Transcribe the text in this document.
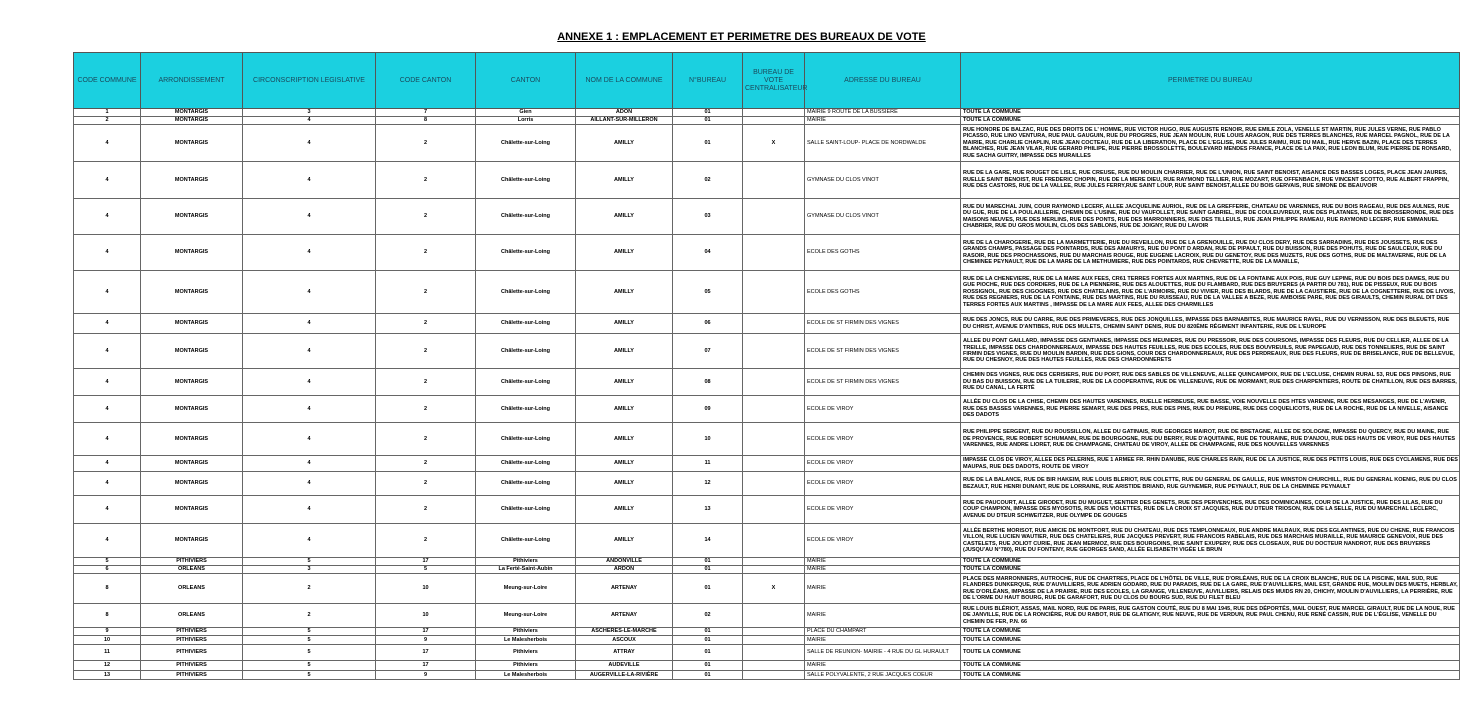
ANNEXE 1 : EMPLACEMENT ET PERIMETRE DES BUREAUX DE VOTE
CODE COMMUNE	ARRONDISSEMENT	CIRCONSCRIPTION LEGISLATIVE	CODE CANTON	CANTON	NOM DE LA COMMUNE	N°BUREAU	BUREAU DE VOTE CENTRALISATEUR	ADRESSE DU BUREAU	PERIMETRE DU BUREAU
1	MONTARGIS	3	7	Gien	ADON	01		MAIRIE 9 ROUTE DE LA BUSSIERE	TOUTE LA COMMUNE
2	MONTARGIS	4	8	Lorris	AILLANT-SUR-MILLERON	01		MAIRIE	TOUTE LA COMMUNE
4	MONTARGIS	4	2	Châlette-sur-Loing	AMILLY	01	X	SALLE SAINT-LOUP- PLACE DE NORDWALDE	RUE HONORE DE BALZAC, RUE DES DROITS DE L' HOMME, RUE VICTOR HUGO, RUE AUGUSTE RENOIR, RUE EMILE ZOLA, VENELLE ST MARTIN, RUE JULES VERNE, RUE PABLO PICASSO, RUE LINO VENTURA, RUE PAUL GAUGUIN, RUE DU PROGRES, RUE JEAN MOULIN, RUE LOUIS ARAGON, RUE DES TERRES BLANCHES, RUE MARCEL PAGNOL, RUE DE LA MAIRIE, RUE CHARLIE CHAPLIN, RUE JEAN COCTEAU, RUE DE LA LIBERATION, PLACE DE L'EGLISE, RUE JULES RAIMU, RUE DU MAIL, RUE HERVE BAZIN, PLACE DES TERRES BLANCHES, RUE JEAN VILAR, RUE GERARD PHILIPE, RUE PIERRE BROSSOLETTE, BOULEVARD MENDES FRANCE, PLACE DE LA PAIX, RUE LEON BLUM, RUE PIERRE DE RONSARD, RUE SACHA GUITRY, IMPASSE DES MURAILLES
4	MONTARGIS	4	2	Châlette-sur-Loing	AMILLY	02		GYMNASE DU CLOS VINOT	RUE DE LA GARE, RUE ROUGET DE LISLE, RUE CREUSE, RUE DU MOULIN CHARRIER, RUE DE L'UNION, RUE SAINT BENOIST, AISANCE DES BASSES LOGES, PLACE JEAN JAURES, RUELLE SAINT BENOIST, RUE FREDERIC CHOPIN, RUE DE LA MERE DIEU, RUE RAYMOND TELLIER, RUE MOZART, RUE OFFENBACH, RUE VINCENT SCOTTO, RUE ALBERT FRAPPIN, RUE DES CASTORS, RUE DE LA VALLEE, RUE JULES FERRY,RUE SAINT LOUP, RUE SAINT BENOIST,ALLEE DU BOIS GERVAIS, RUE SIMONE DE BEAUVOIR
4	MONTARGIS	4	2	Châlette-sur-Loing	AMILLY	03		GYMNASE DU CLOS VINOT	RUE DU MARECHAL JUIN, COUR RAYMOND LECERF, ALLEE JACQUELINE AURIOL, RUE DE LA GREFFERIE, CHATEAU DE VARENNES, RUE DU BOIS RAGEAU, RUE DES AULNES, RUE DU GUE, RUE DE LA POULAILLERIE, CHEMIN DE L'USINE, RUE DU VAUFOLLET, RUE SAINT GABRIEL, RUE DE COULEUVREUX, RUE DES PLATANES, RUE DE BROSSERONDE, RUE DES MAISONS NEUVES, RUE DES MERLINS, RUE DES PONTS, RUE DES MARRONNIERS, RUE DES TILLEULS, RUE JEAN PHILIPPE RAMEAU, RUE RAYMOND LECERF, RUE EMMANUEL CHABRIER, RUE DU GROS MOULIN, CLOS DES SABLONS, RUE DE JOIGNY, RUE DU LAVOIR
4	MONTARGIS	4	2	Châlette-sur-Loing	AMILLY	04		ECOLE DES GOTHS	RUE DE LA CHAROGERIE, RUE DE LA MARMETTERIE, RUE DU REVEILLON, RUE DE LA GRENOUILLE, RUE DU CLOS DERY, RUE DES SARRADINS, RUE DES JOUSSETS, RUE DES GRANDS CHAMPS, PASSAGE DES POINTARDS, RUE DES AMAURYS, RUE DU PONT D ARDAN, RUE DE PIPAULT, RUE DU BUISSON, RUE DES POHUTS, RUE DE SAULCEUX, RUE DU RASOIR, RUE DES PROCHASSONS, RUE DU MARCHAIS ROUGE, RUE EUGENE LACROIX, RUE DU GENETOY, RUE DES MUZETS, RUE DES GOTHS, RUE DE MALTAVERNE, RUE DE LA CHEMINEE PEYNAULT, RUE DE LA MARE DE LA METHUMIERE, RUE DES POINTARDS, RUE CHEVRETTE, RUE DE LA MANILLE,
4	MONTARGIS	4	2	Châlette-sur-Loing	AMILLY	05		ECOLE DES GOTHS	RUE DE LA CHENEVIERE, RUE DE LA MARE AUX FEES, CR61 TERRES FORTES AUX MARTINS, RUE DE LA FONTAINE AUX POIS, RUE GUY LEPINE, RUE DU BOIS DES DAMES, RUE DU GUE PIOCHE, RUE DES CORDIERS, RUE DE LA PIENNERIE, RUE DES ALOUETTES, RUE DU FLAMBARD, RUE DES BRUYERES (A PARTIR DU 781), RUE DE PISSEUX, RUE DU BOIS ROSSIGNOL, RUE DES CIGOGNES, RUE DES CHATELAINS, RUE DE L'ARMOIRE, RUE DU VIVIER, RUE DES BLARDS, RUE DE LA CAUSTIERE, RUE DE LA COGNETTERIE, RUE DE LIVOIS, RUE DES REGNIERS, RUE DE LA FONTAINE, RUE DES MARTINS, RUE DU RUISSEAU, RUE DE LA VALLEE A BEZE, RUE AMBOISE PARE, RUE DES GIRAULTS, CHEMIN RURAL DIT DES TERRES FORTES AUX MARTINS , IMPASSE DE LA MARE AUX FEES, ALLEE DES CHARMILLES
4	MONTARGIS	4	2	Châlette-sur-Loing	AMILLY	06		ECOLE DE ST FIRMIN DES VIGNES	RUE DES JONCS, RUE DU CARRE, RUE DES PRIMEVERES, RUE DES JONQUILLES, IMPASSE DES BARNABITES, RUE MAURICE RAVEL, RUE DU VERNISSON, RUE DES BLEUETS, RUE DU CHRIST, AVENUE D'ANTIBES, RUE DES MULETS, CHEMIN SAINT DENIS, RUE DU 820ÈME RÉGIMENT INFANTERIE, RUE DE L'EUROPE
4	MONTARGIS	4	2	Châlette-sur-Loing	AMILLY	07		ECOLE DE ST FIRMIN DES VIGNES	ALLEE DU PONT GAILLARD, IMPASSE DES GENTIANES, IMPASSE DES MEUNIERS, RUE DU PRESSOIR, RUE DES COURSONS, IMPASSE DES FLEURS, RUE DU CELLIER, ALLEE DE LA TREILLE, IMPASSE DES CHARDONNEREAUX, IMPASSE DES HAUTES FEUILLES, RUE DES ECOLES, RUE DES BOUVREUILS, RUE PAPEGAUD, RUE DES TONNELIERS, RUE DE SAINT FIRMIN DES VIGNES, RUE DU MOULIN BARDIN, RUE DES GIONS, COUR DES CHARDONNEREAUX, RUE DES PERDREAUX, RUE DES FLEURS, RUE DE BRISELANCE, RUE DE BELLEVUE, RUE DU CHESNOY, RUE DES HAUTES FEUILLES, RUE DES CHARDONNERETS
4	MONTARGIS	4	2	Châlette-sur-Loing	AMILLY	08		ECOLE DE ST FIRMIN DES VIGNES	CHEMIN DES VIGNES, RUE DES CERISIERS, RUE DU PORT, RUE DES SABLES DE VILLENEUVE, ALLEE QUINCAMPOIX, RUE DE L'ECLUSE, CHEMIN RURAL 53, RUE DES PINSONS, RUE DU BAS DU BUISSON, RUE DE LA TUILERIE, RUE DE LA COOPERATIVE, RUE DE VILLENEUVE, RUE DE MORMANT, RUE DES CHARPENTIERS, ROUTE DE CHATILLON, RUE DES BARRES, RUE DU CANAL, LA FERTÉ
4	MONTARGIS	4	2	Châlette-sur-Loing	AMILLY	09		ECOLE DE VIROY	ALLÉE DU CLOS DE LA CHISE, CHEMIN DES HAUTES VARENNES, RUELLE HERBEUSE, RUE BASSE, VOIE NOUVELLE DES HTES VARENNE, RUE DES MESANGES, RUE DE L'AVENIR, RUE DES BASSES VARENNES, RUE PIERRE SEMART, RUE DES PRES, RUE DES PINS, RUE DU PRIEURE, RUE DES COQUELICOTS, RUE DE LA ROCHE, RUE DE LA NIVELLE, AISANCE DES DADOTS
4	MONTARGIS	4	2	Châlette-sur-Loing	AMILLY	10		ECOLE DE VIROY	RUE PHILIPPE SERGENT, RUE DU ROUSSILLON, ALLEE DU GATINAIS, RUE GEORGES MAIROT, RUE DE BRETAGNE, ALLEE DE SOLOGNE, IMPASSE DU QUERCY, RUE DU MAINE, RUE DE PROVENCE, RUE ROBERT SCHUMANN, RUE DE BOURGOGNE, RUE DU BERRY, RUE D'AQUITAINE, RUE DE TOURAINE, RUE D'ANJOU, RUE DES HAUTS DE VIROY, RUE DES HAUTES VARENNES, RUE ANDRE LIORET, RUE DE CHAMPAGNE, CHATEAU DE VIROY, ALLEE DE CHAMPAGNE, RUE DES NOUVELLES VARENNES
4	MONTARGIS	4	2	Châlette-sur-Loing	AMILLY	11		ECOLE DE VIROY	IMPASSE CLOS DE VIROY, ALLEE DES PELERINS, RUE 1 ARMEE FR. RHIN DANUBE, RUE CHARLES RAIN, RUE DE LA JUSTICE, RUE DES PETITS LOUIS, RUE DES CYCLAMENS, RUE DES MAUPAS, RUE DES DADOTS, ROUTE DE VIROY
4	MONTARGIS	4	2	Châlette-sur-Loing	AMILLY	12		ECOLE DE VIROY	RUE DE LA BALANCE, RUE DE BIR HAKEIM, RUE LOUIS BLERIOT, RUE COLETTE, RUE DU GENERAL DE GAULLE, RUE WINSTON CHURCHILL, RUE DU GENERAL KOENIG, RUE DU CLOS BEZAULT, RUE HENRI DUNANT, RUE DE LORRAINE, RUE ARISTIDE BRIAND, RUE GUYNEMER, RUE PEYNAULT, RUE DE LA CHEMINEE PEYNAULT
4	MONTARGIS	4	2	Châlette-sur-Loing	AMILLY	13		ECOLE DE VIROY	RUE DE PAUCOURT, ALLEE GIRODET, RUE DU MUGUET, SENTIER DES GENETS, RUE DES PERVENCHES, RUE DES DOMINICAINES, COUR DE LA JUSTICE, RUE DES LILAS, RUE DU COUP CHAMPION, IMPASSE DES MYOSOTIS, RUE DES VIOLETTES, RUE DE LA CROIX ST JACQUES, RUE DU DTEUR TRIOSON, RUE DE LA SELLE, RUE DU MARECHAL LECLERC, AVENUE DU DTEUR SCHWEITZER, RUE OLYMPE DE GOUGES
4	MONTARGIS	4	2	Châlette-sur-Loing	AMILLY	14		ECOLE DE VIROY	ALLÉE BERTHE MORISOT, RUE AMICIE DE MONTFORT, RUE DU CHATEAU, RUE DES TEMPLONNEAUX, RUE ANDRE MALRAUX, RUE DES EGLANTINES, RUE DU CHENE, RUE FRANCOIS VILLON, RUE LUCIEN WAUTIER, RUE DES CHATELIERS, RUE JACQUES PREVERT, RUE FRANCOIS RABELAIS, RUE DES MARCHAIS MURAILLE, RUE MAURICE GENEVOIX, RUE DES CASTELETS, RUE JOLIOT CURIE, RUE JEAN MERMOZ, RUE DES BOURGOINS, RUE SAINT EXUPERY, RUE DES CLOSEAUX, RUE DU DOCTEUR NANDROT, RUE DES BRUYERES (JUSQU'AU N°780), RUE DU FONTENY, RUE GEORGES SAND, ALLÉE ELISABETH VIGÉE LE BRUN
5	PITHIVIERS	5	17	Pithiviers	ANDONVILLE	01		MAIRIE	TOUTE LA COMMUNE
6	ORLEANS	3	5	La Ferté-Saint-Aubin	ARDON	01		MAIRIE	TOUTE LA COMMUNE
8	ORLEANS	2	10	Meung-sur-Loire	ARTENAY	01	X	MAIRIE	PLACE DES MARRONNIERS, AUTROCHE, RUE DE CHARTRES, PLACE DE L'HÔTEL DE VILLE, RUE D'ORLÉANS, RUE DE LA CROIX BLANCHE, RUE DE LA PISCINE, MAIL SUD, RUE FLANDRES DUNKERQUE, RUE D'AUVILLIERS, RUE ADRIEN GODARD, RUE DU PARADIS, RUE DE LA GARE, RUE D'AUVILLIERS, MAIL EST, GRANDE RUE, MOULIN DES MUETS, HERBLAY, RUE D'ORLÉANS, IMPASSE DE LA PRAIRIE, RUE DES ECOLES, LA GRANGE, VILLENEUVE, AUVILLIERS, RELAIS DES MUIDS RN 20, CHICHY, MOULIN D'AUVILLIERS, LA PERRIÈRE, RUE DE L'ORME DU HAUT BOURG, RUE DE GARAFORT, RUE DU CLOS DU BOURG SUD, RUE DU FILET BLEU
8	ORLEANS	2	10	Meung-sur-Loire	ARTENAY	02		MAIRIE	RUE LOUIS BLÉRIOT, ASSAS, MAIL NORD, RUE DE PARIS, RUE GASTON COUTÉ, RUE DU 8 MAI 1945, RUE DES DÉPORTÉS, MAIL OUEST, RUE MARCEL GIRAULT, RUE DE LA NOUE, RUE DE JANVILLE, RUE DE LA RONCIÈRE, RUE DU RABOT, RUE DE GLATIGNY, RUE NEUVE, RUE DE VERDUN, RUE PAUL CHENU, RUE RENÉ CASSIN, RUE DE L'ÉGLISE, VENELLE DU CHEMIN DE FER, P.N. 66
9	PITHIVIERS	5	17	Pithiviers	ASCHÈRES-LE-MARCHÉ	01		PLACE DU CHAMPART	TOUTE LA COMMUNE
10	PITHIVIERS	5	9	Le Malesherbois	ASCOUX	01		MAIRIE	TOUTE LA COMMUNE
11	PITHIVIERS	5	17	Pithiviers	ATTRAY	01		SALLE DE REUNION- MAIRIE - 4 RUE DU GL HURAULT	TOUTE LA COMMUNE
12	PITHIVIERS	5	17	Pithiviers	AUDEVILLE	01		MAIRIE	TOUTE LA COMMUNE
13	PITHIVIERS	5	9	Le Malesherbois	AUGERVILLE-LA-RIVIÈRE	01		SALLE POLYVALENTE, 2 RUE JACQUES COEUR	TOUTE LA COMMUNE
